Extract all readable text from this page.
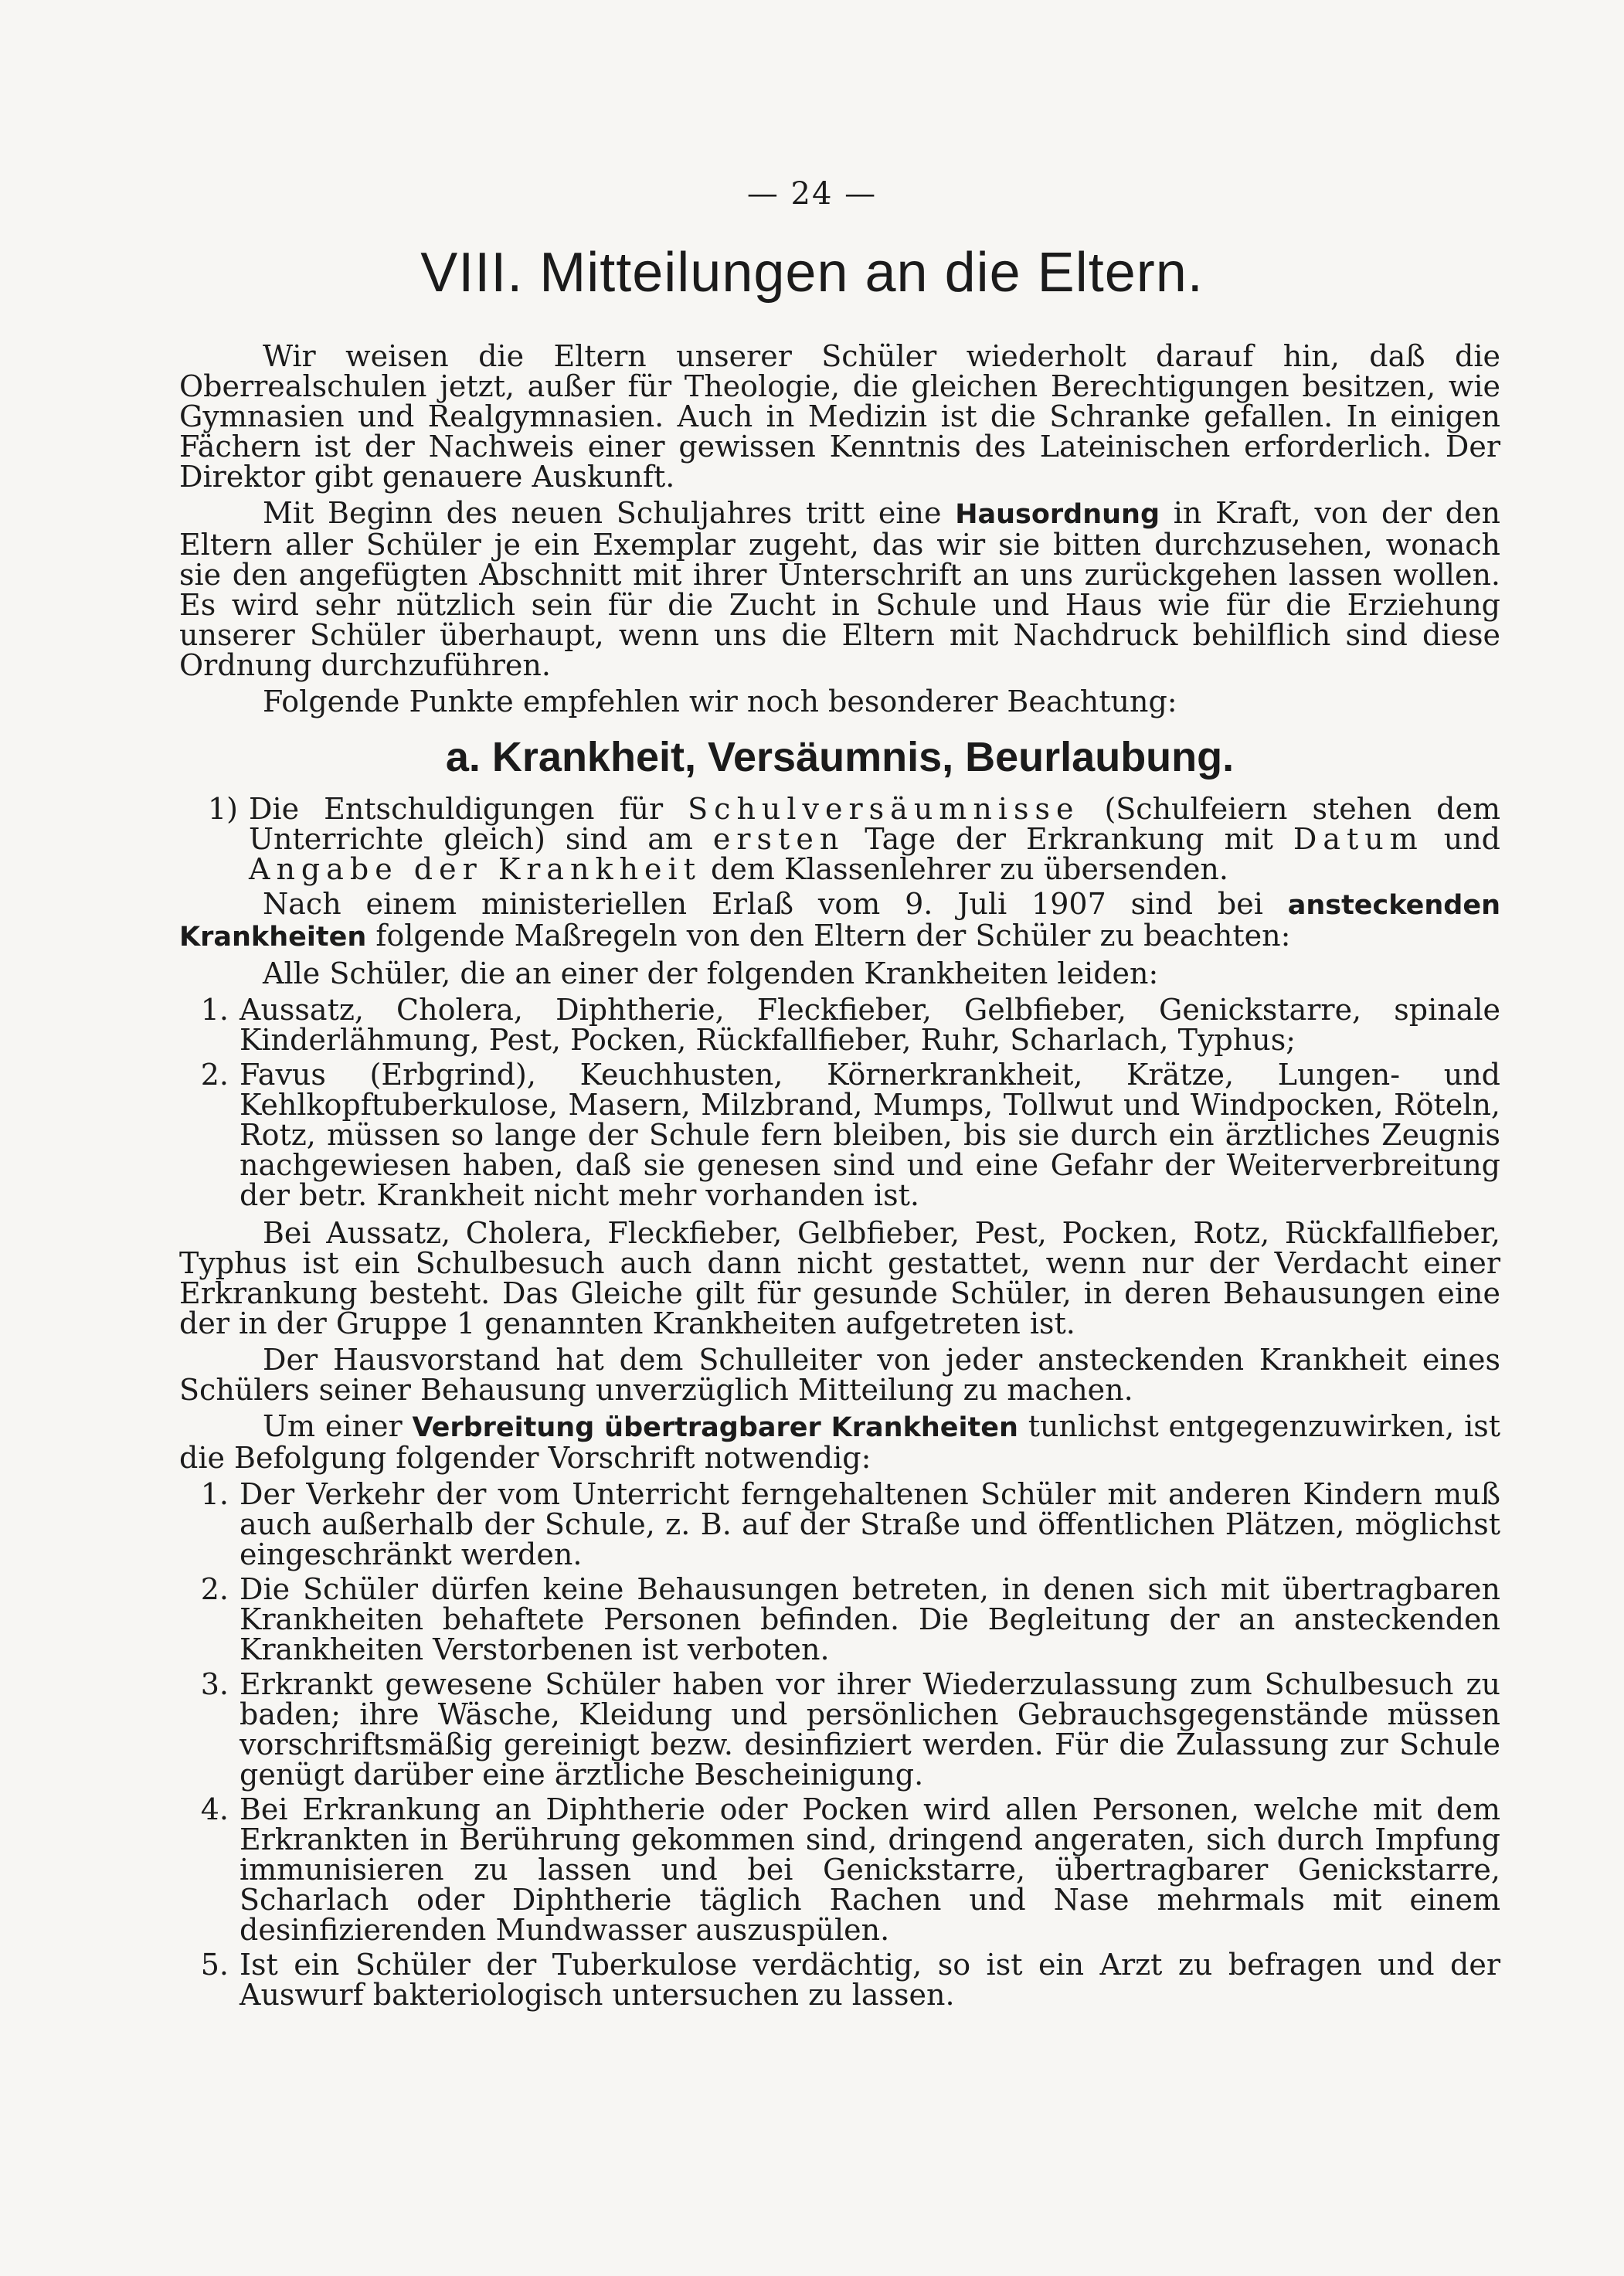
— 24 —
VIII. Mitteilungen an die Eltern.

Wir weisen die Eltern unserer Schüler wiederholt darauf hin, daß die Oberrealschulen jetzt, außer für Theologie, die gleichen Berechtigungen besitzen, wie Gymnasien und Realgymnasien. Auch in Medizin ist die Schranke gefallen. In einigen Fächern ist der Nachweis einer gewissen Kenntnis des Lateinischen erforderlich. Der Direktor gibt genauere Auskunft.

Mit Beginn des neuen Schuljahres tritt eine Hausordnung in Kraft, von der den Eltern aller Schüler je ein Exemplar zugeht, das wir sie bitten durchzusehen, wonach sie den angefügten Abschnitt mit ihrer Unterschrift an uns zurückgehen lassen wollen. Es wird sehr nützlich sein für die Zucht in Schule und Haus wie für die Erziehung unserer Schüler überhaupt, wenn uns die Eltern mit Nachdruck behilflich sind diese Ordnung durchzuführen.

Folgende Punkte empfehlen wir noch besonderer Beachtung:

a. Krankheit, Versäumnis, Beurlaubung.
1) Die Entschuldigungen für Schulversäumnisse (Schulfeiern stehen dem Unterrichte gleich) sind am ersten Tage der Erkrankung mit Datum und Angabe der Krankheit dem Klassenlehrer zu übersenden.

Nach einem ministeriellen Erlaß vom 9. Juli 1907 sind bei ansteckenden Krankheiten folgende Maßregeln von den Eltern der Schüler zu beachten:

Alle Schüler, die an einer der folgenden Krankheiten leiden:

1. Aussatz, Cholera, Diphtherie, Fleckfieber, Gelbfieber, Genickstarre, spinale Kinderlähmung, Pest, Pocken, Rückfallfieber, Ruhr, Scharlach, Typhus;
2. Favus (Erbgrind), Keuchhusten, Körnerkrankheit, Krätze, Lungen- und Kehlkopftuberkulose, Masern, Milzbrand, Mumps, Tollwut und Windpocken, Röteln, Rotz, müssen so lange der Schule fern bleiben, bis sie durch ein ärztliches Zeugnis nachgewiesen haben, daß sie genesen sind und eine Gefahr der Weiterverbreitung der betr. Krankheit nicht mehr vorhanden ist.

Bei Aussatz, Cholera, Fleckfieber, Gelbfieber, Pest, Pocken, Rotz, Rückfallfieber, Typhus ist ein Schulbesuch auch dann nicht gestattet, wenn nur der Verdacht einer Erkrankung besteht. Das Gleiche gilt für gesunde Schüler, in deren Behausungen eine der in der Gruppe 1 genannten Krankheiten aufgetreten ist.

Der Hausvorstand hat dem Schulleiter von jeder ansteckenden Krankheit eines Schülers seiner Behausung unverzüglich Mitteilung zu machen.

Um einer Verbreitung übertragbarer Krankheiten tunlichst entgegenzuwirken, ist die Befolgung folgender Vorschrift notwendig:

1. Der Verkehr der vom Unterricht ferngehaltenen Schüler mit anderen Kindern muß auch außerhalb der Schule, z. B. auf der Straße und öffentlichen Plätzen, möglichst eingeschränkt werden.
2. Die Schüler dürfen keine Behausungen betreten, in denen sich mit übertragbaren Krankheiten behaftete Personen befinden. Die Begleitung der an ansteckenden Krankheiten Verstorbenen ist verboten.
3. Erkrankt gewesene Schüler haben vor ihrer Wiederzulassung zum Schulbesuch zu baden; ihre Wäsche, Kleidung und persönlichen Gebrauchsgegenstände müssen vorschriftsmäßig gereinigt bezw. desinfiziert werden. Für die Zulassung zur Schule genügt darüber eine ärztliche Bescheinigung.
4. Bei Erkrankung an Diphtherie oder Pocken wird allen Personen, welche mit dem Erkrankten in Berührung gekommen sind, dringend angeraten, sich durch Impfung immunisieren zu lassen und bei Genickstarre, übertragbarer Genickstarre, Scharlach oder Diphtherie täglich Rachen und Nase mehrmals mit einem desinfizierenden Mundwasser auszuspülen.
5. Ist ein Schüler der Tuberkulose verdächtig, so ist ein Arzt zu befragen und der Auswurf bakteriologisch untersuchen zu lassen.
